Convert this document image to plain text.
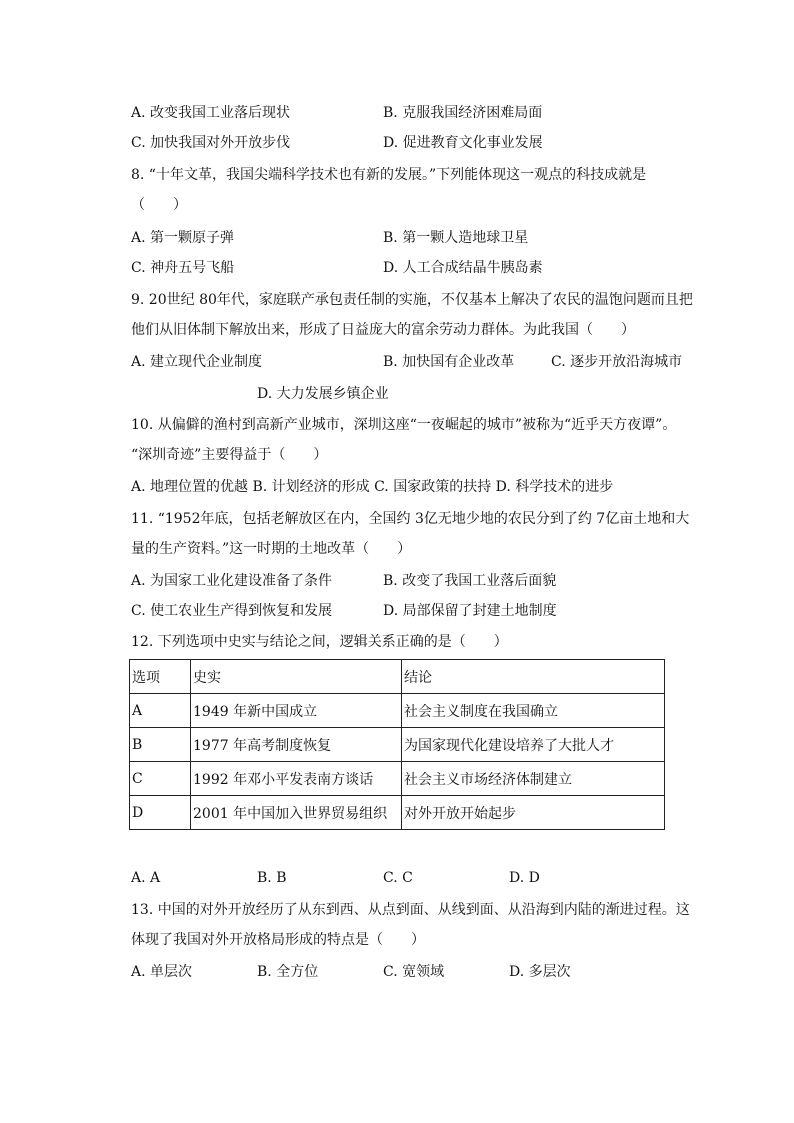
A. 改变我国工业落后现状	B. 克服我国经济困难局面
C. 加快我国对外开放步伐	D. 促进教育文化事业发展
8. “十年文革，我国尖端科学技术也有新的发展。”下列能体现这一观点的科技成就是
（　　）
A. 第一颗原子弹	B. 第一颗人造地球卫星
C. 神舟五号飞船	D. 人工合成结晶牛胰岛素
9. 20世纪 80年代，家庭联产承包责任制的实施，不仅基本上解决了农民的温饱问题而且把
他们从旧体制下解放出来，形成了日益庞大的富余劳动力群体。为此我国（　　）
A. 建立现代企业制度	B. 加快国有企业改革	C. 逐步开放沿海城市
D. 大力发展乡镇企业
10. 从偏僻的渔村到高新产业城市，深圳这座“一夜崛起的城市”被称为“近乎天方夜谭”。
“深圳奇迹”主要得益于（　　）
A. 地理位置的优越 B. 计划经济的形成 C. 国家政策的扶持 D. 科学技术的进步
11. “1952年底，包括老解放区在内，全国约 3亿无地少地的农民分到了约 7亿亩土地和大
量的生产资料。”这一时期的土地改革（　　）
A. 为国家工业化建设准备了条件	B. 改变了我国工业落后面貌
C. 使工农业生产得到恢复和发展	D. 局部保留了封建土地制度
12. 下列选项中史实与结论之间，逻辑关系正确的是（　　）
选项	史实	结论
A	1949 年新中国成立	社会主义制度在我国确立
B	1977 年高考制度恢复	为国家现代化建设培养了大批人才
C	1992 年邓小平发表南方谈话	社会主义市场经济体制建立
D	2001 年中国加入世界贸易组织	对外开放开始起步
A. A	B. B	C. C	D. D
13. 中国的对外开放经历了从东到西、从点到面、从线到面、从沿海到内陆的渐进过程。这
体现了我国对外开放格局形成的特点是（　　）
A. 单层次	B. 全方位	C. 宽领域	D. 多层次
